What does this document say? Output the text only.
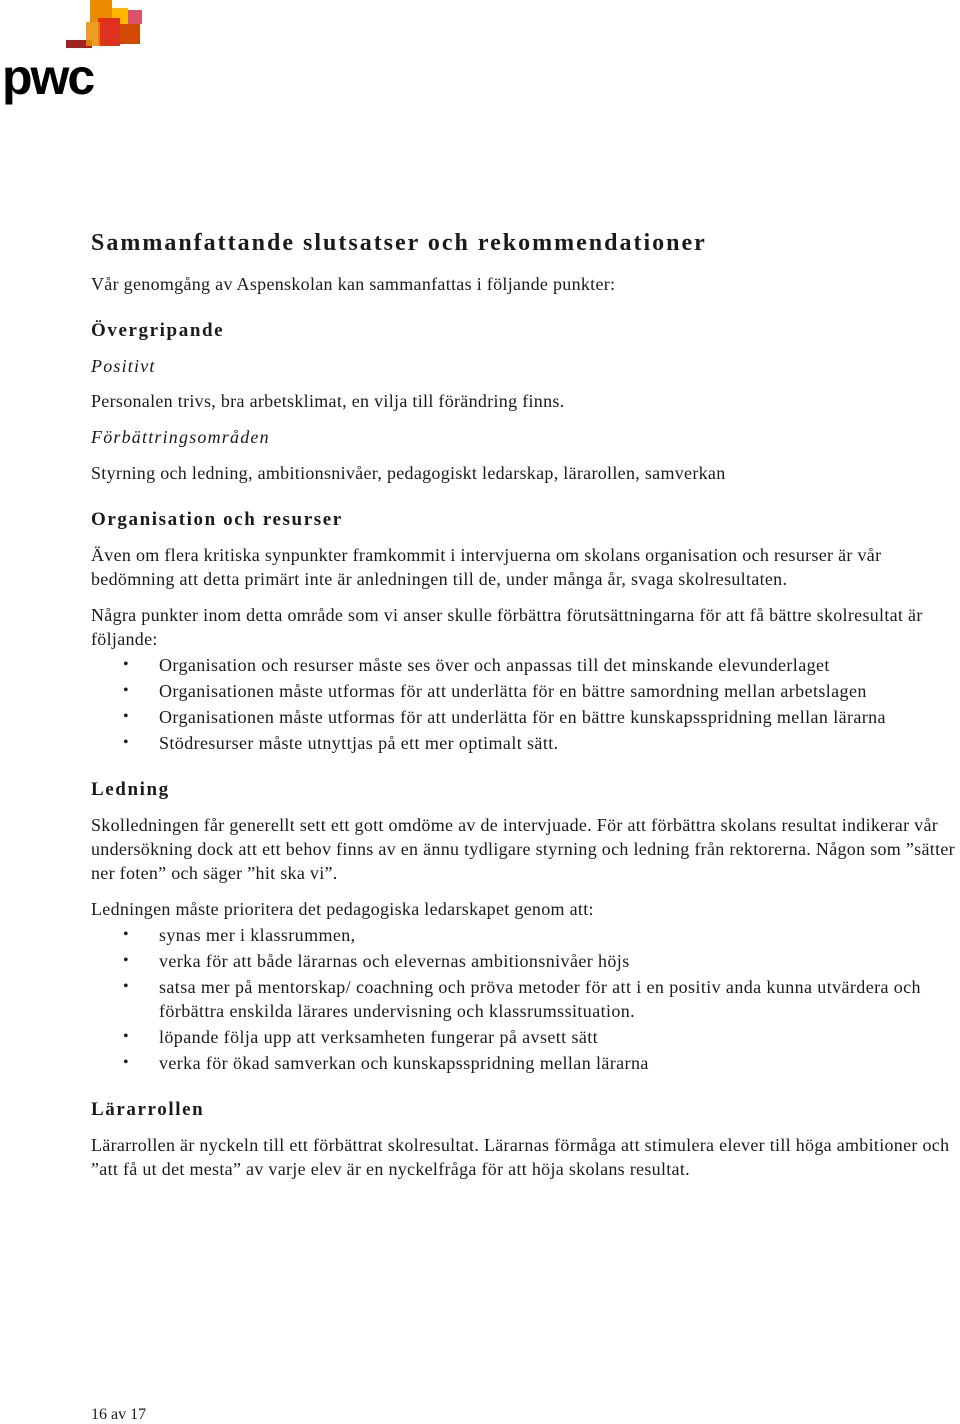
pwc
Sammanfattande slutsatser och rekommendationer

Vår genomgång av Aspenskolan kan sammanfattas i följande punkter:

Övergripande
Positivt

Personalen trivs, bra arbetsklimat, en vilja till förändring finns.

Förbättringsområden

Styrning och ledning, ambitionsnivåer, pedagogiskt ledarskap, lärarollen, samverkan

Organisation och resurser

Även om flera kritiska synpunkter framkommit i intervjuerna om skolans organisation och resurser är vår bedömning att detta primärt inte är anledningen till de, under många år, svaga skolresultaten.

Några punkter inom detta område som vi anser skulle förbättra förutsättningarna för att få bättre skolresultat är följande:

• Organisation och resurser måste ses över och anpassas till det minskande elevunderlaget
• Organisationen måste utformas för att underlätta för en bättre samordning mellan arbetslagen
• Organisationen måste utformas för att underlätta för en bättre kunskapsspridning mellan lärarna
• Stödresurser måste utnyttjas på ett mer optimalt sätt.
Ledning

Skolledningen får generellt sett ett gott omdöme av de intervjuade. För att förbättra skolans resultat indikerar vår undersökning dock att ett behov finns av en ännu tydligare styrning och ledning från rektorerna. Någon som ”sätter ner foten” och säger ”hit ska vi”.

Ledningen måste prioritera det pedagogiska ledarskapet genom att:

• synas mer i klassrummen,
• verka för att både lärarnas och elevernas ambitionsnivåer höjs
• satsa mer på mentorskap/ coachning och pröva metoder för att i en positiv anda kunna utvärdera och förbättra enskilda lärares undervisning och klassrumssituation.
• löpande följa upp att verksamheten fungerar på avsett sätt
• verka för ökad samverkan och kunskapsspridning mellan lärarna
Lärarrollen

Lärarrollen är nyckeln till ett förbättrat skolresultat. Lärarnas förmåga att stimulera elever till höga ambitioner och ”att få ut det mesta” av varje elev är en nyckelfråga för att höja skolans resultat.

16 av 17
